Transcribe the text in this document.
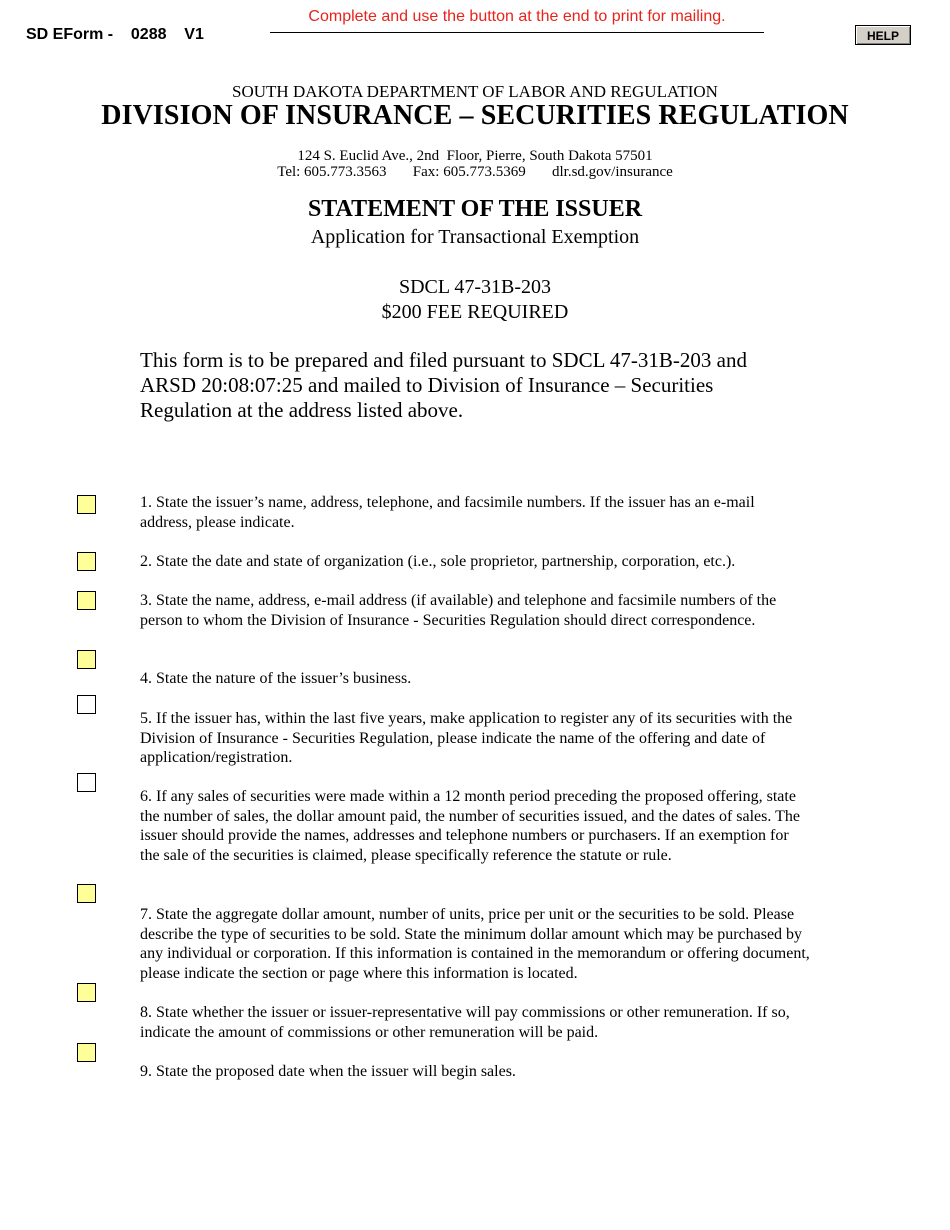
SD EForm -    0288    V1
Complete and use the button at the end to print for mailing.
HELP
SOUTH DAKOTA DEPARTMENT OF LABOR AND REGULATION
DIVISION OF INSURANCE – SECURITIES REGULATION
124 S. Euclid Ave., 2nd  Floor, Pierre, South Dakota 57501
Tel: 605.773.3563       Fax: 605.773.5369       dlr.sd.gov/insurance
STATEMENT OF THE ISSUER
Application for Transactional Exemption
SDCL 47-31B-203
$200 FEE REQUIRED
This form is to be prepared and filed pursuant to SDCL 47-31B-203 and ARSD 20:08:07:25 and mailed to Division of Insurance – Securities Regulation at the address listed above.
1. State the issuer’s name, address, telephone, and facsimile numbers. If the issuer has an e-mail address, please indicate.
2. State the date and state of organization (i.e., sole proprietor, partnership, corporation, etc.).
3. State the name, address, e-mail address (if available) and telephone and facsimile numbers of the person to whom the Division of Insurance - Securities Regulation should direct correspondence.
4. State the nature of the issuer’s business.
5. If the issuer has, within the last five years, make application to register any of its securities with the Division of Insurance - Securities Regulation, please indicate the name of the offering and date of application/registration.
6. If any sales of securities were made within a 12 month period preceding the proposed offering, state the number of sales, the dollar amount paid, the number of securities issued, and the dates of sales. The issuer should provide the names, addresses and telephone numbers or purchasers. If an exemption for the sale of the securities is claimed, please specifically reference the statute or rule.
7. State the aggregate dollar amount, number of units, price per unit or the securities to be sold. Please describe the type of securities to be sold. State the minimum dollar amount which may be purchased by any individual or corporation. If this information is contained in the memorandum or offering document, please indicate the section or page where this information is located.
8. State whether the issuer or issuer-representative will pay commissions or other remuneration. If so, indicate the amount of commissions or other remuneration will be paid.
9. State the proposed date when the issuer will begin sales.
